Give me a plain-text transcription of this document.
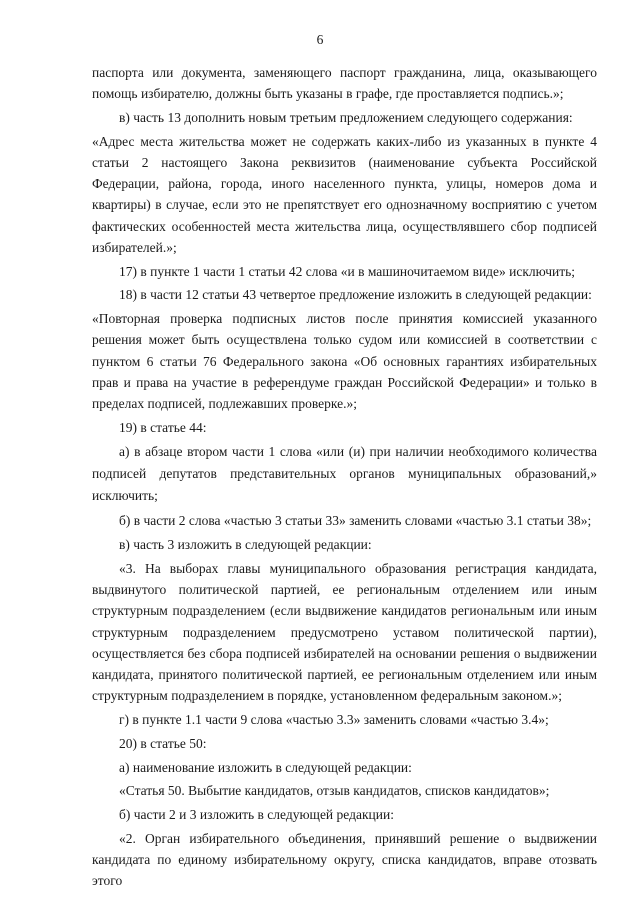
6

паспорта или документа, заменяющего паспорт гражданина, лица, оказывающего помощь избирателю, должны быть указаны в графе, где проставляется подпись.»;

в) часть 13 дополнить новым третьим предложением следующего содержания:

«Адрес места жительства может не содержать каких-либо из указанных в пункте 4 статьи 2 настоящего Закона реквизитов (наименование субъекта Российской Федерации, района, города, иного населенного пункта, улицы, номеров дома и квартиры) в случае, если это не препятствует его однозначному восприятию с учетом фактических особенностей места жительства лица, осуществлявшего сбор подписей избирателей.»;

17) в пункте 1 части 1 статьи 42 слова «и в машиночитаемом виде» исключить;

18) в части 12 статьи 43 четвертое предложение изложить в следующей редакции:

«Повторная проверка подписных листов после принятия комиссией указанного решения может быть осуществлена только судом или комиссией в соответствии с пунктом 6 статьи 76 Федерального закона «Об основных гарантиях избирательных прав и права на участие в референдуме граждан Российской Федерации» и только в пределах подписей, подлежавших проверке.»;

19) в статье 44:

а) в абзаце втором части 1 слова «или (и) при наличии необходимого количества подписей депутатов представительных органов муниципальных образований,» исключить;

б) в части 2 слова «частью 3 статьи 33» заменить словами «частью 3.1 статьи 38»;

в) часть 3 изложить в следующей редакции:

«3. На выборах главы муниципального образования регистрация кандидата, выдвинутого политической партией, ее региональным отделением или иным структурным подразделением (если выдвижение кандидатов региональным или иным структурным подразделением предусмотрено уставом политической партии), осуществляется без сбора подписей избирателей на основании решения о выдвижении кандидата, принятого политической партией, ее региональным отделением или иным структурным подразделением в порядке, установленном федеральным законом.»;

г) в пункте 1.1 части 9 слова «частью 3.3» заменить словами «частью 3.4»;

20) в статье 50:

а) наименование изложить в следующей редакции:

«Статья 50. Выбытие кандидатов, отзыв кандидатов, списков кандидатов»;

б) части 2 и 3 изложить в следующей редакции:

«2. Орган избирательного объединения, принявший решение о выдвижении кандидата по единому избирательному округу, списка кандидатов, вправе отозвать этого
